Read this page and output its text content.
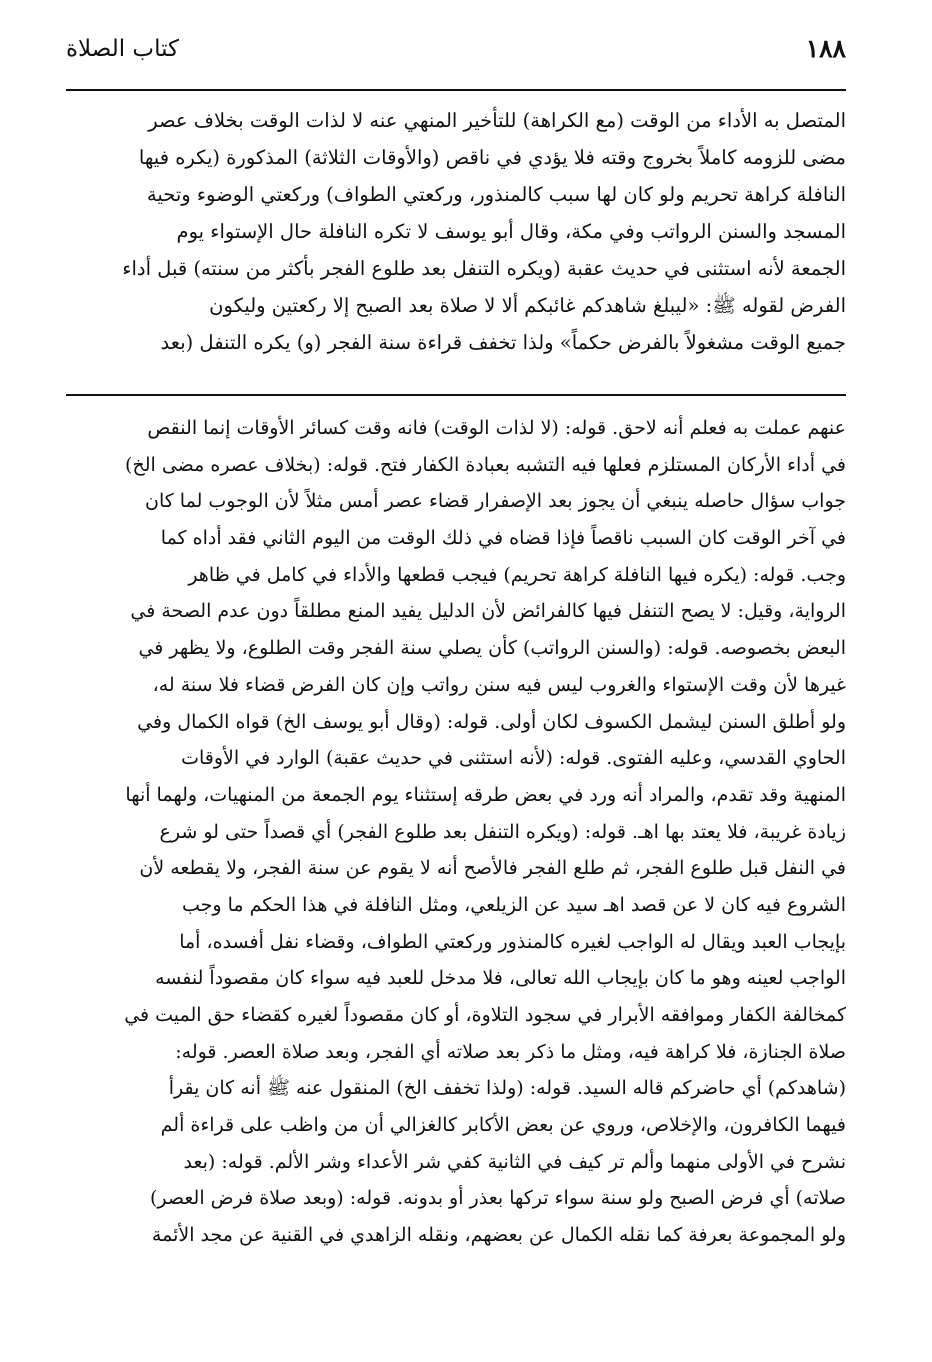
١٨٨
كتاب الصلاة
المتصل به الأداء من الوقت (مع الكراهة) للتأخير المنهي عنه لا لذات الوقت بخلاف عصر
مضى للزومه كاملاً بخروج وقته فلا يؤدي في ناقص (والأوقات الثلاثة) المذكورة (يكره فيها
النافلة كراهة تحريم ولو كان لها سبب كالمنذور، وركعتي الطواف) وركعتي الوضوء وتحية
المسجد والسنن الرواتب وفي مكة، وقال أبو يوسف لا تكره النافلة حال الإستواء يوم
الجمعة لأنه استثنى في حديث عقبة (ويكره التنفل بعد طلوع الفجر بأكثر من سنته) قبل أداء
الفرض لقوله ﷺ: «ليبلغ شاهدكم غائبكم ألا لا صلاة بعد الصبح إلا ركعتين وليكون
جميع الوقت مشغولاً بالفرض حكماً» ولذا تخفف قراءة سنة الفجر (و) يكره التنفل (بعد
عنهم عملت به فعلم أنه لاحق. قوله: (لا لذات الوقت) فانه وقت كسائر الأوقات إنما النقص
في أداء الأركان المستلزم فعلها فيه التشبه بعبادة الكفار فتح. قوله: (بخلاف عصره مضى الخ)
جواب سؤال حاصله ينبغي أن يجوز بعد الإصفرار قضاء عصر أمس مثلاً لأن الوجوب لما كان
في آخر الوقت كان السبب ناقصاً فإذا قضاه في ذلك الوقت من اليوم الثاني فقد أداه كما
وجب. قوله: (يكره فيها النافلة كراهة تحريم) فيجب قطعها والأداء في كامل في ظاهر
الرواية، وقيل: لا يصح التنفل فيها كالفرائض لأن الدليل يفيد المنع مطلقاً دون عدم الصحة في
البعض بخصوصه. قوله: (والسنن الرواتب) كأن يصلي سنة الفجر وقت الطلوع، ولا يظهر في
غيرها لأن وقت الإستواء والغروب ليس فيه سنن رواتب وإن كان الفرض قضاء فلا سنة له،
ولو أطلق السنن ليشمل الكسوف لكان أولى. قوله: (وقال أبو يوسف الخ) قواه الكمال وفي
الحاوي القدسي، وعليه الفتوى. قوله: (لأنه استثنى في حديث عقبة) الوارد في الأوقات
المنهية وقد تقدم، والمراد أنه ورد في بعض طرقه إستثناء يوم الجمعة من المنهيات، ولهما أنها
زيادة غريبة، فلا يعتد بها اهـ. قوله: (ويكره التنفل بعد طلوع الفجر) أي قصداً حتى لو شرع
في النفل قبل طلوع الفجر، ثم طلع الفجر فالأصح أنه لا يقوم عن سنة الفجر، ولا يقطعه لأن
الشروع فيه كان لا عن قصد اهـ سيد عن الزيلعي، ومثل النافلة في هذا الحكم ما وجب
بإيجاب العبد ويقال له الواجب لغيره كالمنذور وركعتي الطواف، وقضاء نفل أفسده، أما
الواجب لعينه وهو ما كان بإيجاب الله تعالى، فلا مدخل للعبد فيه سواء كان مقصوداً لنفسه
كمخالفة الكفار وموافقه الأبرار في سجود التلاوة، أو كان مقصوداً لغيره كقضاء حق الميت في
صلاة الجنازة، فلا كراهة فيه، ومثل ما ذكر بعد صلاته أي الفجر، وبعد صلاة العصر. قوله:
(شاهدكم) أي حاضركم قاله السيد. قوله: (ولذا تخفف الخ) المنقول عنه ﷺ أنه كان يقرأ
فيهما الكافرون، والإخلاص، وروي عن بعض الأكابر كالغزالي أن من واظب على قراءة ألم
نشرح في الأولى منهما وألم تر كيف في الثانية كفي شر الأعداء وشر الألم. قوله: (بعد
صلاته) أي فرض الصبح ولو سنة سواء تركها بعذر أو بدونه. قوله: (وبعد صلاة فرض العصر)
ولو المجموعة بعرفة كما نقله الكمال عن بعضهم، ونقله الزاهدي في القنية عن مجد الأئمة
